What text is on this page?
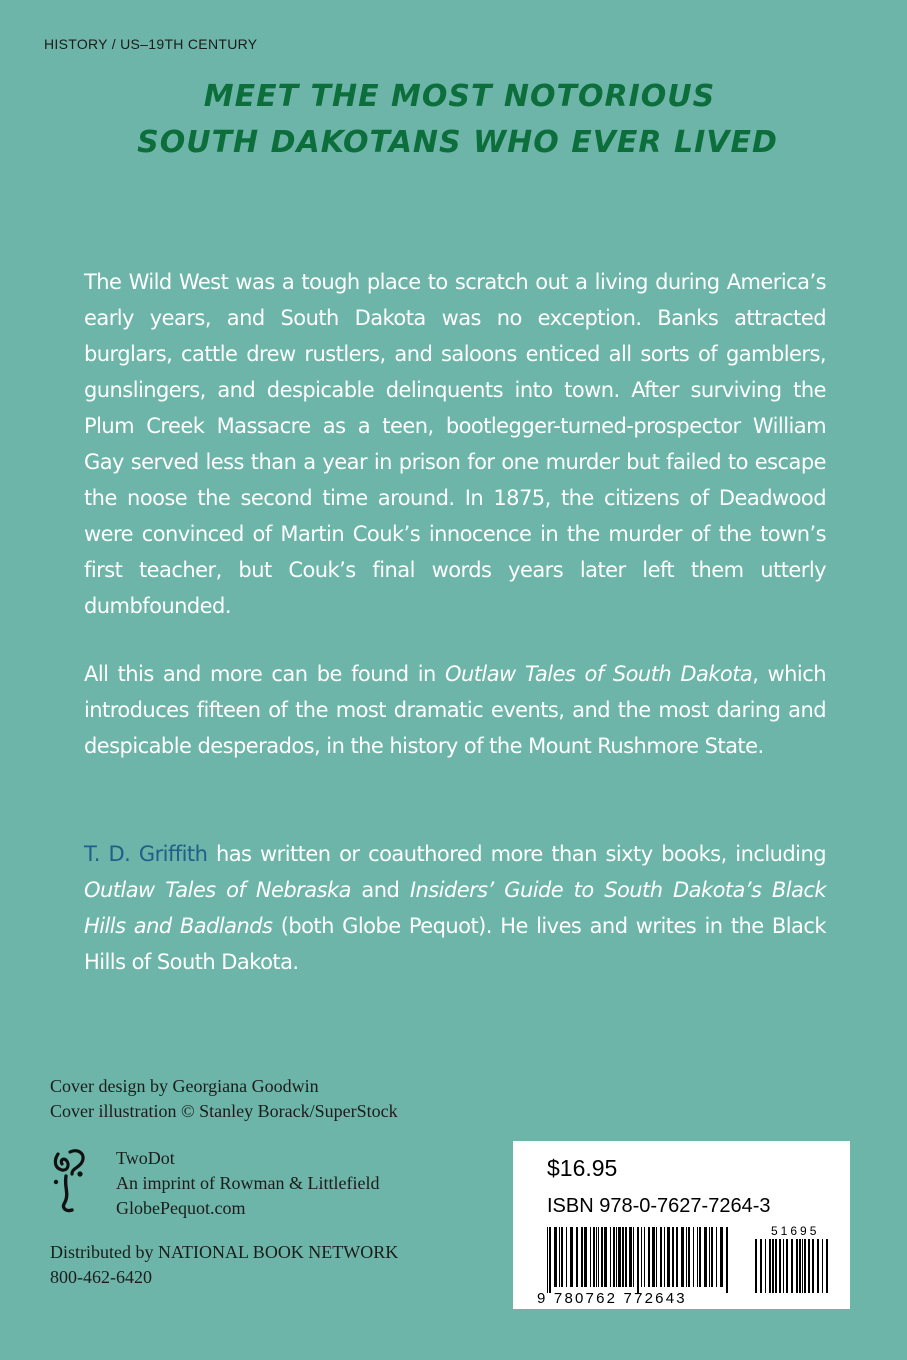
HISTORY / US–19TH CENTURY
MEET THE MOST NOTORIOUS
SOUTH DAKOTANS WHO EVER LIVED
The Wild West was a tough place to scratch out a living during America’s early years, and South Dakota was no exception. Banks attracted burglars, cattle drew rustlers, and saloons enticed all sorts of gamblers, gunslingers, and despicable delinquents into town. After surviving the Plum Creek Massacre as a teen, bootlegger-turned-prospector William Gay served less than a year in prison for one murder but failed to escape the noose the second time around. In 1875, the citizens of Deadwood were convinced of Martin Couk’s innocence in the murder of the town’s first teacher, but Couk’s final words years later left them utterly dumbfounded.
All this and more can be found in Outlaw Tales of South Dakota, which introduces fifteen of the most dramatic events, and the most daring and despicable desperados, in the history of the Mount Rushmore State.
T. D. Griffith has written or coauthored more than sixty books, including Outlaw Tales of Nebraska and Insiders’ Guide to South Dakota’s Black Hills and Badlands (both Globe Pequot). He lives and writes in the Black Hills of South Dakota.
Cover design by Georgiana Goodwin
Cover illustration © Stanley Borack/SuperStock
TwoDot
An imprint of Rowman & Littlefield
GlobePequot.com
Distributed by NATIONAL BOOK NETWORK
800-462-6420
$16.95
ISBN 978-0-7627-7264-3
9 780762 772643
51695
